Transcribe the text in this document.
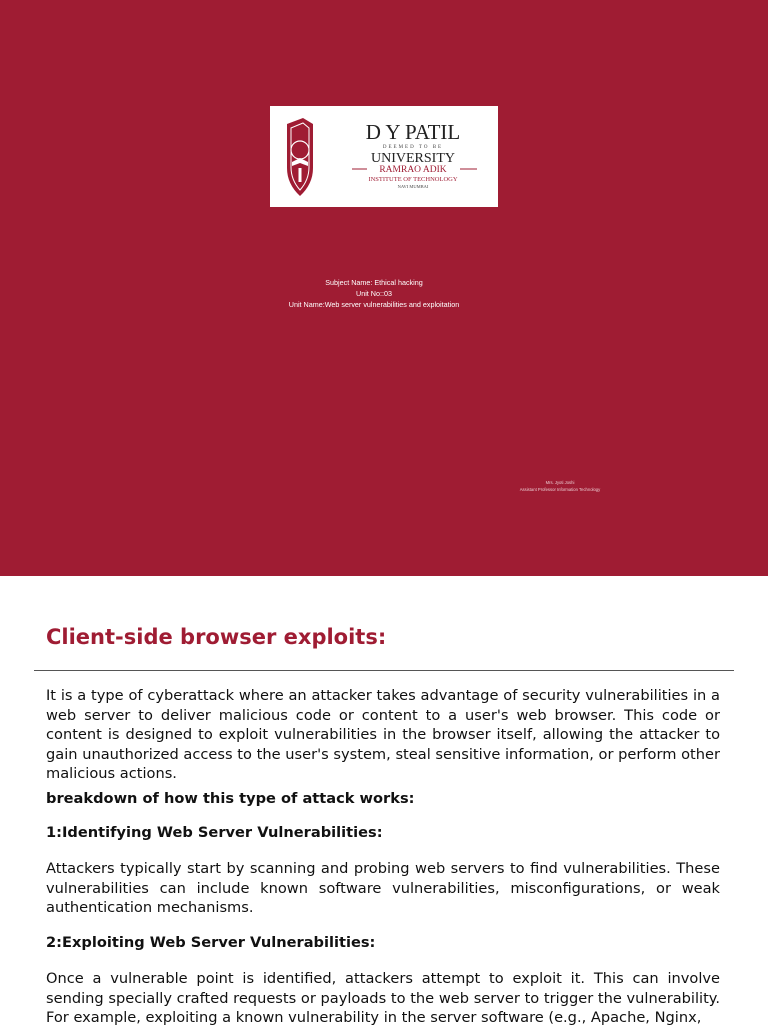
D Y PATIL
DEEMED TO BE
UNIVERSITY
RAMRAO ADIK
INSTITUTE OF TECHNOLOGY
NAVI MUMBAI
Subject Name: Ethical hacking
Unit No::03
Unit Name:Web server vulnerabilities and exploitation
Mrs. Jyoti Joshi
Assistant Professor Information Technology
Client-side browser exploits:

It is a type of cyberattack where an attacker takes advantage of security vulnerabilities in a web server to deliver malicious code or content to a user's web browser. This code or content is designed to exploit vulnerabilities in the browser itself, allowing the attacker to gain unauthorized access to the user's system, steal sensitive information, or perform other malicious actions.

breakdown of how this type of attack works:

1:Identifying Web Server Vulnerabilities:

Attackers typically start by scanning and probing web servers to find vulnerabilities. These vulnerabilities can include known software vulnerabilities, misconfigurations, or weak authentication mechanisms.

2:Exploiting Web Server Vulnerabilities:

Once a vulnerable point is identified, attackers attempt to exploit it. This can involve sending specially crafted requests or payloads to the web server to trigger the vulnerability. For example, exploiting a known vulnerability in the server software (e.g., Apache, Nginx,
